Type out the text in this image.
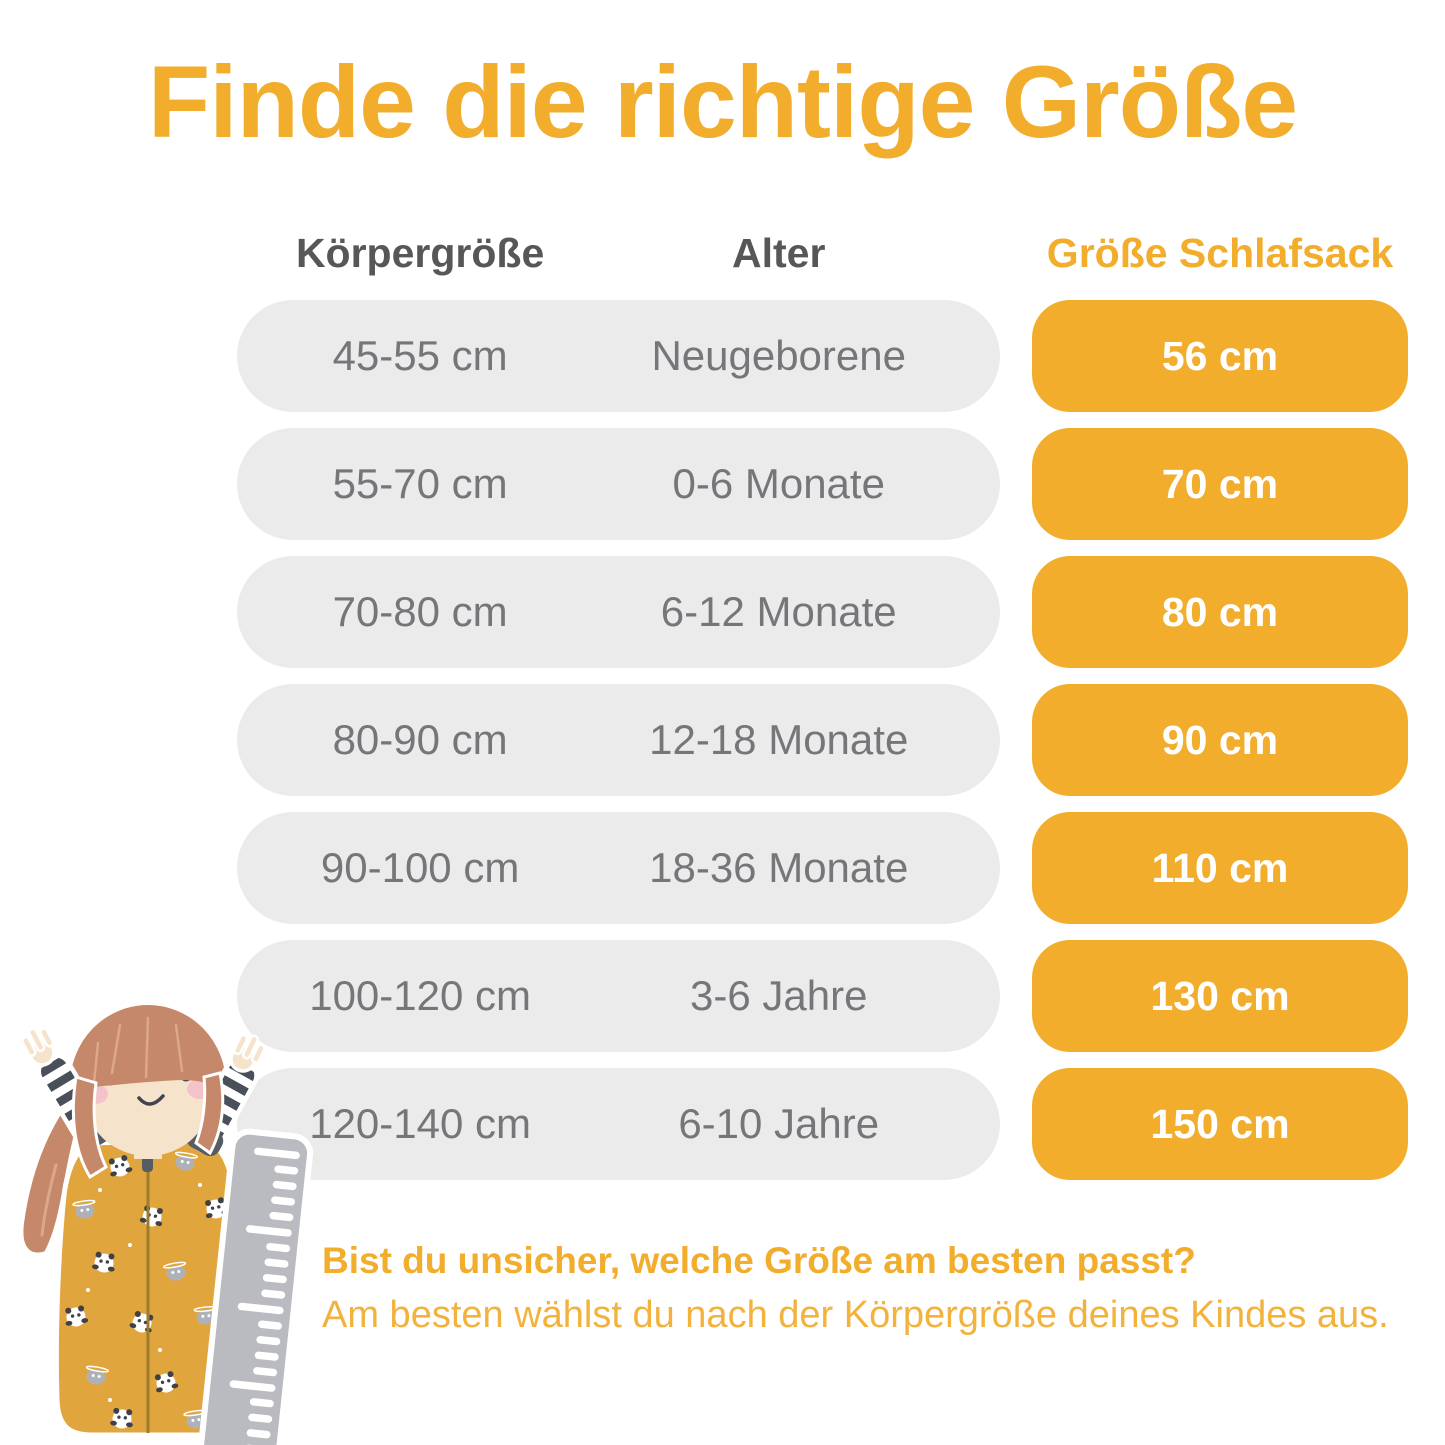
Finde die richtige Größe
Körpergröße	Alter	Größe Schlafsack
45-55 cm	Neugeborene	56 cm
55-70 cm	0-6 Monate	70 cm
70-80 cm	6-12 Monate	80 cm
80-90 cm	12-18 Monate	90 cm
90-100 cm	18-36 Monate	110 cm
100-120 cm	3-6 Jahre	130 cm
120-140 cm	6-10 Jahre	150 cm
Bist du unsicher, welche Größe am besten passt?
Am besten wählst du nach der Körpergröße deines Kindes aus.
